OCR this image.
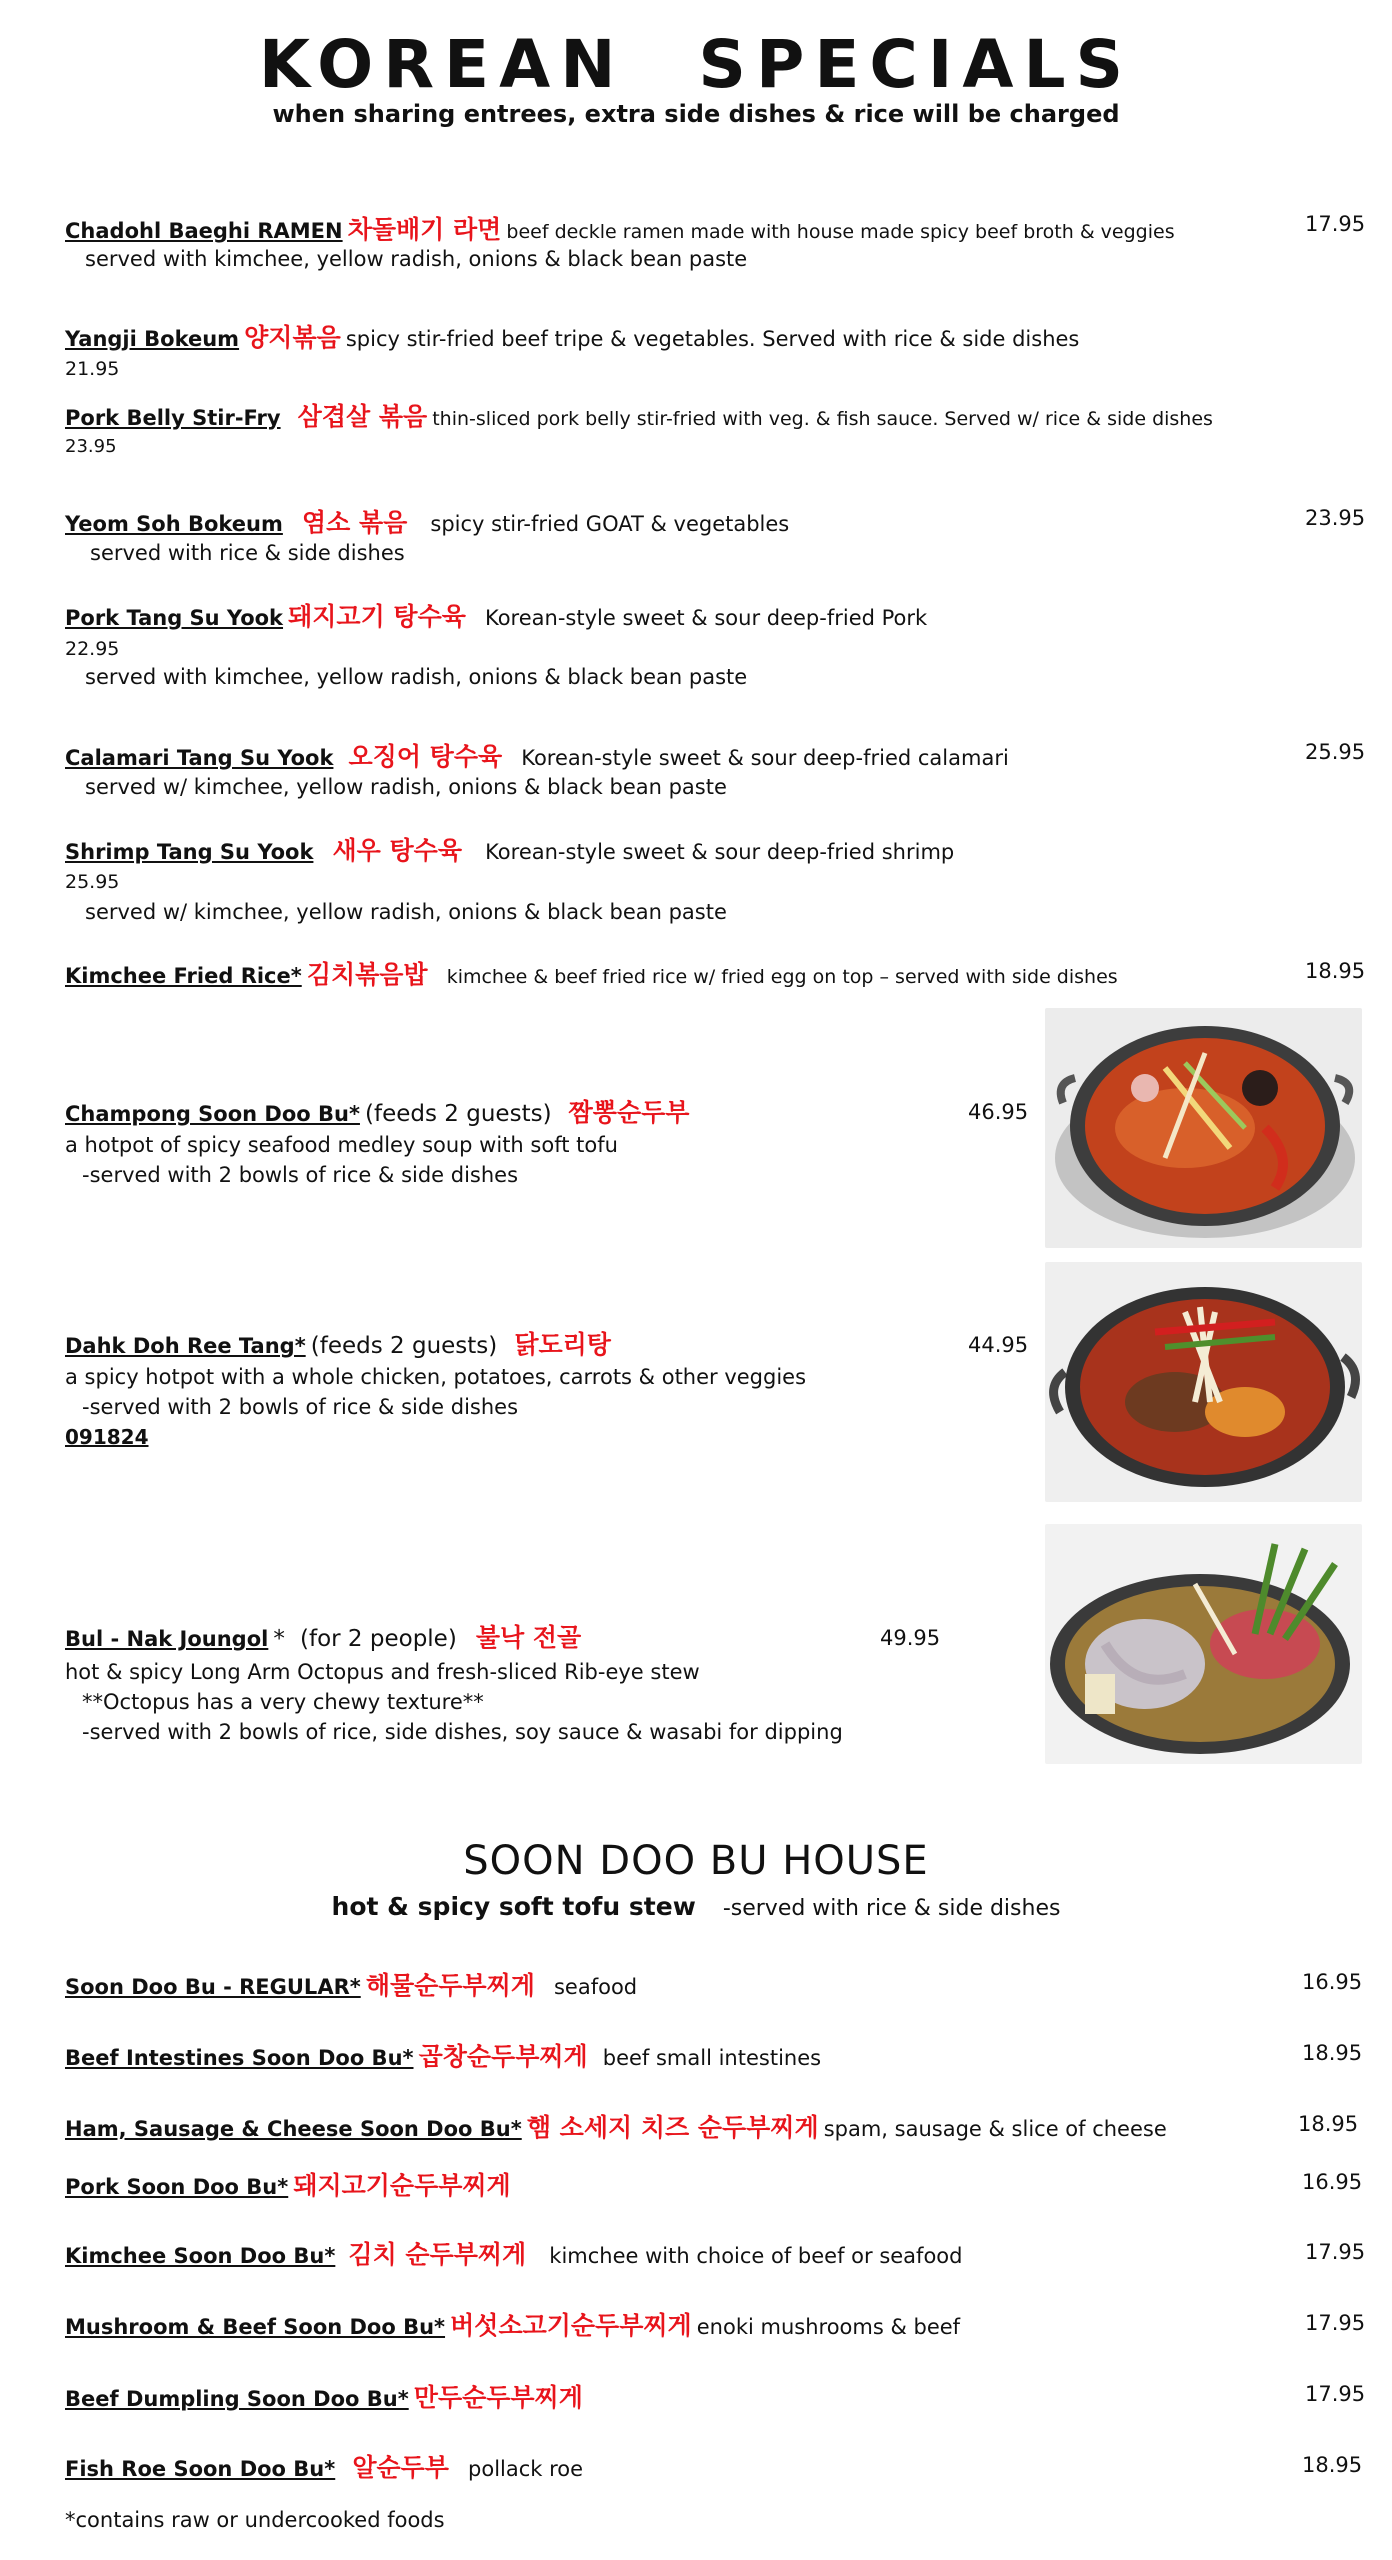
KOREAN SPECIALS
when sharing entrees, extra side dishes & rice will be charged
Chadohl Baeghi RAMEN 차돌배기 라면 beef deckle ramen made with house made spicy beef broth & veggies	17.95
served with kimchee, yellow radish, onions & black bean paste
Yangji Bokeum 양지볶음 spicy stir-fried beef tripe & vegetables. Served with rice & side dishes
21.95
Pork Belly Stir-Fry 삼겹살 볶음 thin-sliced pork belly stir-fried with veg. & fish sauce. Served w/ rice & side dishes
23.95
Yeom Soh Bokeum 염소 볶음 spicy stir-fried GOAT & vegetables	23.95
served with rice & side dishes
Pork Tang Su Yook 돼지고기 탕수육 Korean-style sweet & sour deep-fried Pork
22.95
served with kimchee, yellow radish, onions & black bean paste
Calamari Tang Su Yook 오징어 탕수육 Korean-style sweet & sour deep-fried calamari	25.95
served w/ kimchee, yellow radish, onions & black bean paste
Shrimp Tang Su Yook 새우 탕수육 Korean-style sweet & sour deep-fried shrimp
25.95
served w/ kimchee, yellow radish, onions & black bean paste
Kimchee Fried Rice* 김치볶음밥 kimchee & beef fried rice w/ fried egg on top – served with side dishes	18.95
Champong Soon Doo Bu* (feeds 2 guests) 짬뽕순두부	46.95
a hotpot of spicy seafood medley soup with soft tofu
-served with 2 bowls of rice & side dishes
Dahk Doh Ree Tang* (feeds 2 guests) 닭도리탕	44.95
a spicy hotpot with a whole chicken, potatoes, carrots & other veggies
-served with 2 bowls of rice & side dishes
091824
Bul - Nak Joungol * (for 2 people) 불낙 전골	49.95
hot & spicy Long Arm Octopus and fresh-sliced Rib-eye stew
**Octopus has a very chewy texture**
-served with 2 bowls of rice, side dishes, soy sauce & wasabi for dipping
SOON DOO BU HOUSE
hot & spicy soft tofu stew -served with rice & side dishes
Soon Doo Bu - REGULAR* 해물순두부찌게 seafood	16.95
Beef Intestines Soon Doo Bu* 곱창순두부찌게 beef small intestines	18.95
Ham, Sausage & Cheese Soon Doo Bu* 햄 소세지 치즈 순두부찌게 spam, sausage & slice of cheese	18.95
Pork Soon Doo Bu* 돼지고기순두부찌게	16.95
Kimchee Soon Doo Bu* 김치 순두부찌게 kimchee with choice of beef or seafood	17.95
Mushroom & Beef Soon Doo Bu* 버섯소고기순두부찌게 enoki mushrooms & beef	17.95
Beef Dumpling Soon Doo Bu* 만두순두부찌게	17.95
Fish Roe Soon Doo Bu* 알순두부 pollack roe	18.95
*contains raw or undercooked foods
